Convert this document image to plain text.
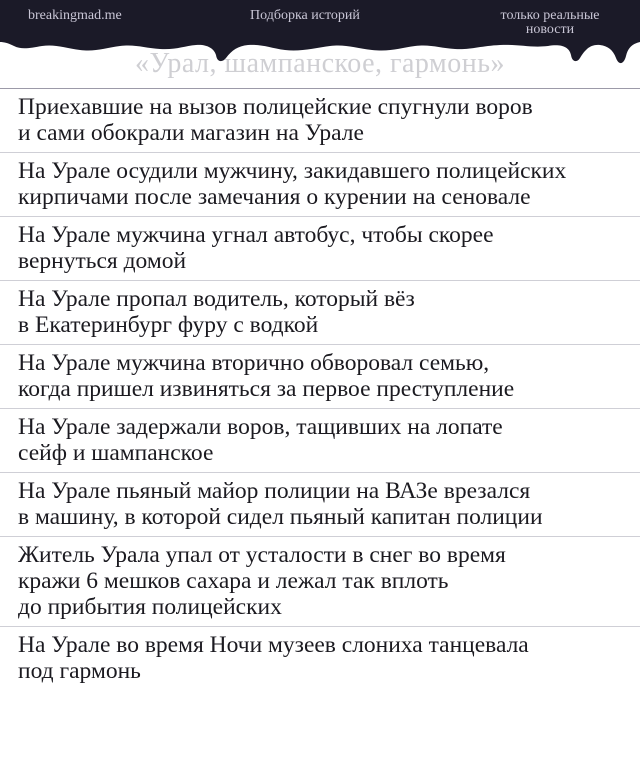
breakingmad.me	Подборка историй	только реальные
новости
«Урал, шампанское, гармонь»
Приехавшие на вызов полицейские спугнули воров
и сами обокрали магазин на Урале
На Урале осудили мужчину, закидавшего полицейских
кирпичами после замечания о курении на сеновале
На Урале мужчина угнал автобус, чтобы скорее
вернуться домой
На Урале пропал водитель, который вёз
в Екатеринбург фуру с водкой
На Урале мужчина вторично обворовал семью,
когда пришел извиняться за первое преступление
На Урале задержали воров, тащивших на лопате
сейф и шампанское
На Урале пьяный майор полиции на ВАЗе врезался
в машину, в которой сидел пьяный капитан полиции
Житель Урала упал от усталости в снег во время
кражи 6 мешков сахара и лежал так вплоть
до прибытия полицейских
На Урале во время Ночи музеев слониха танцевала
под гармонь
